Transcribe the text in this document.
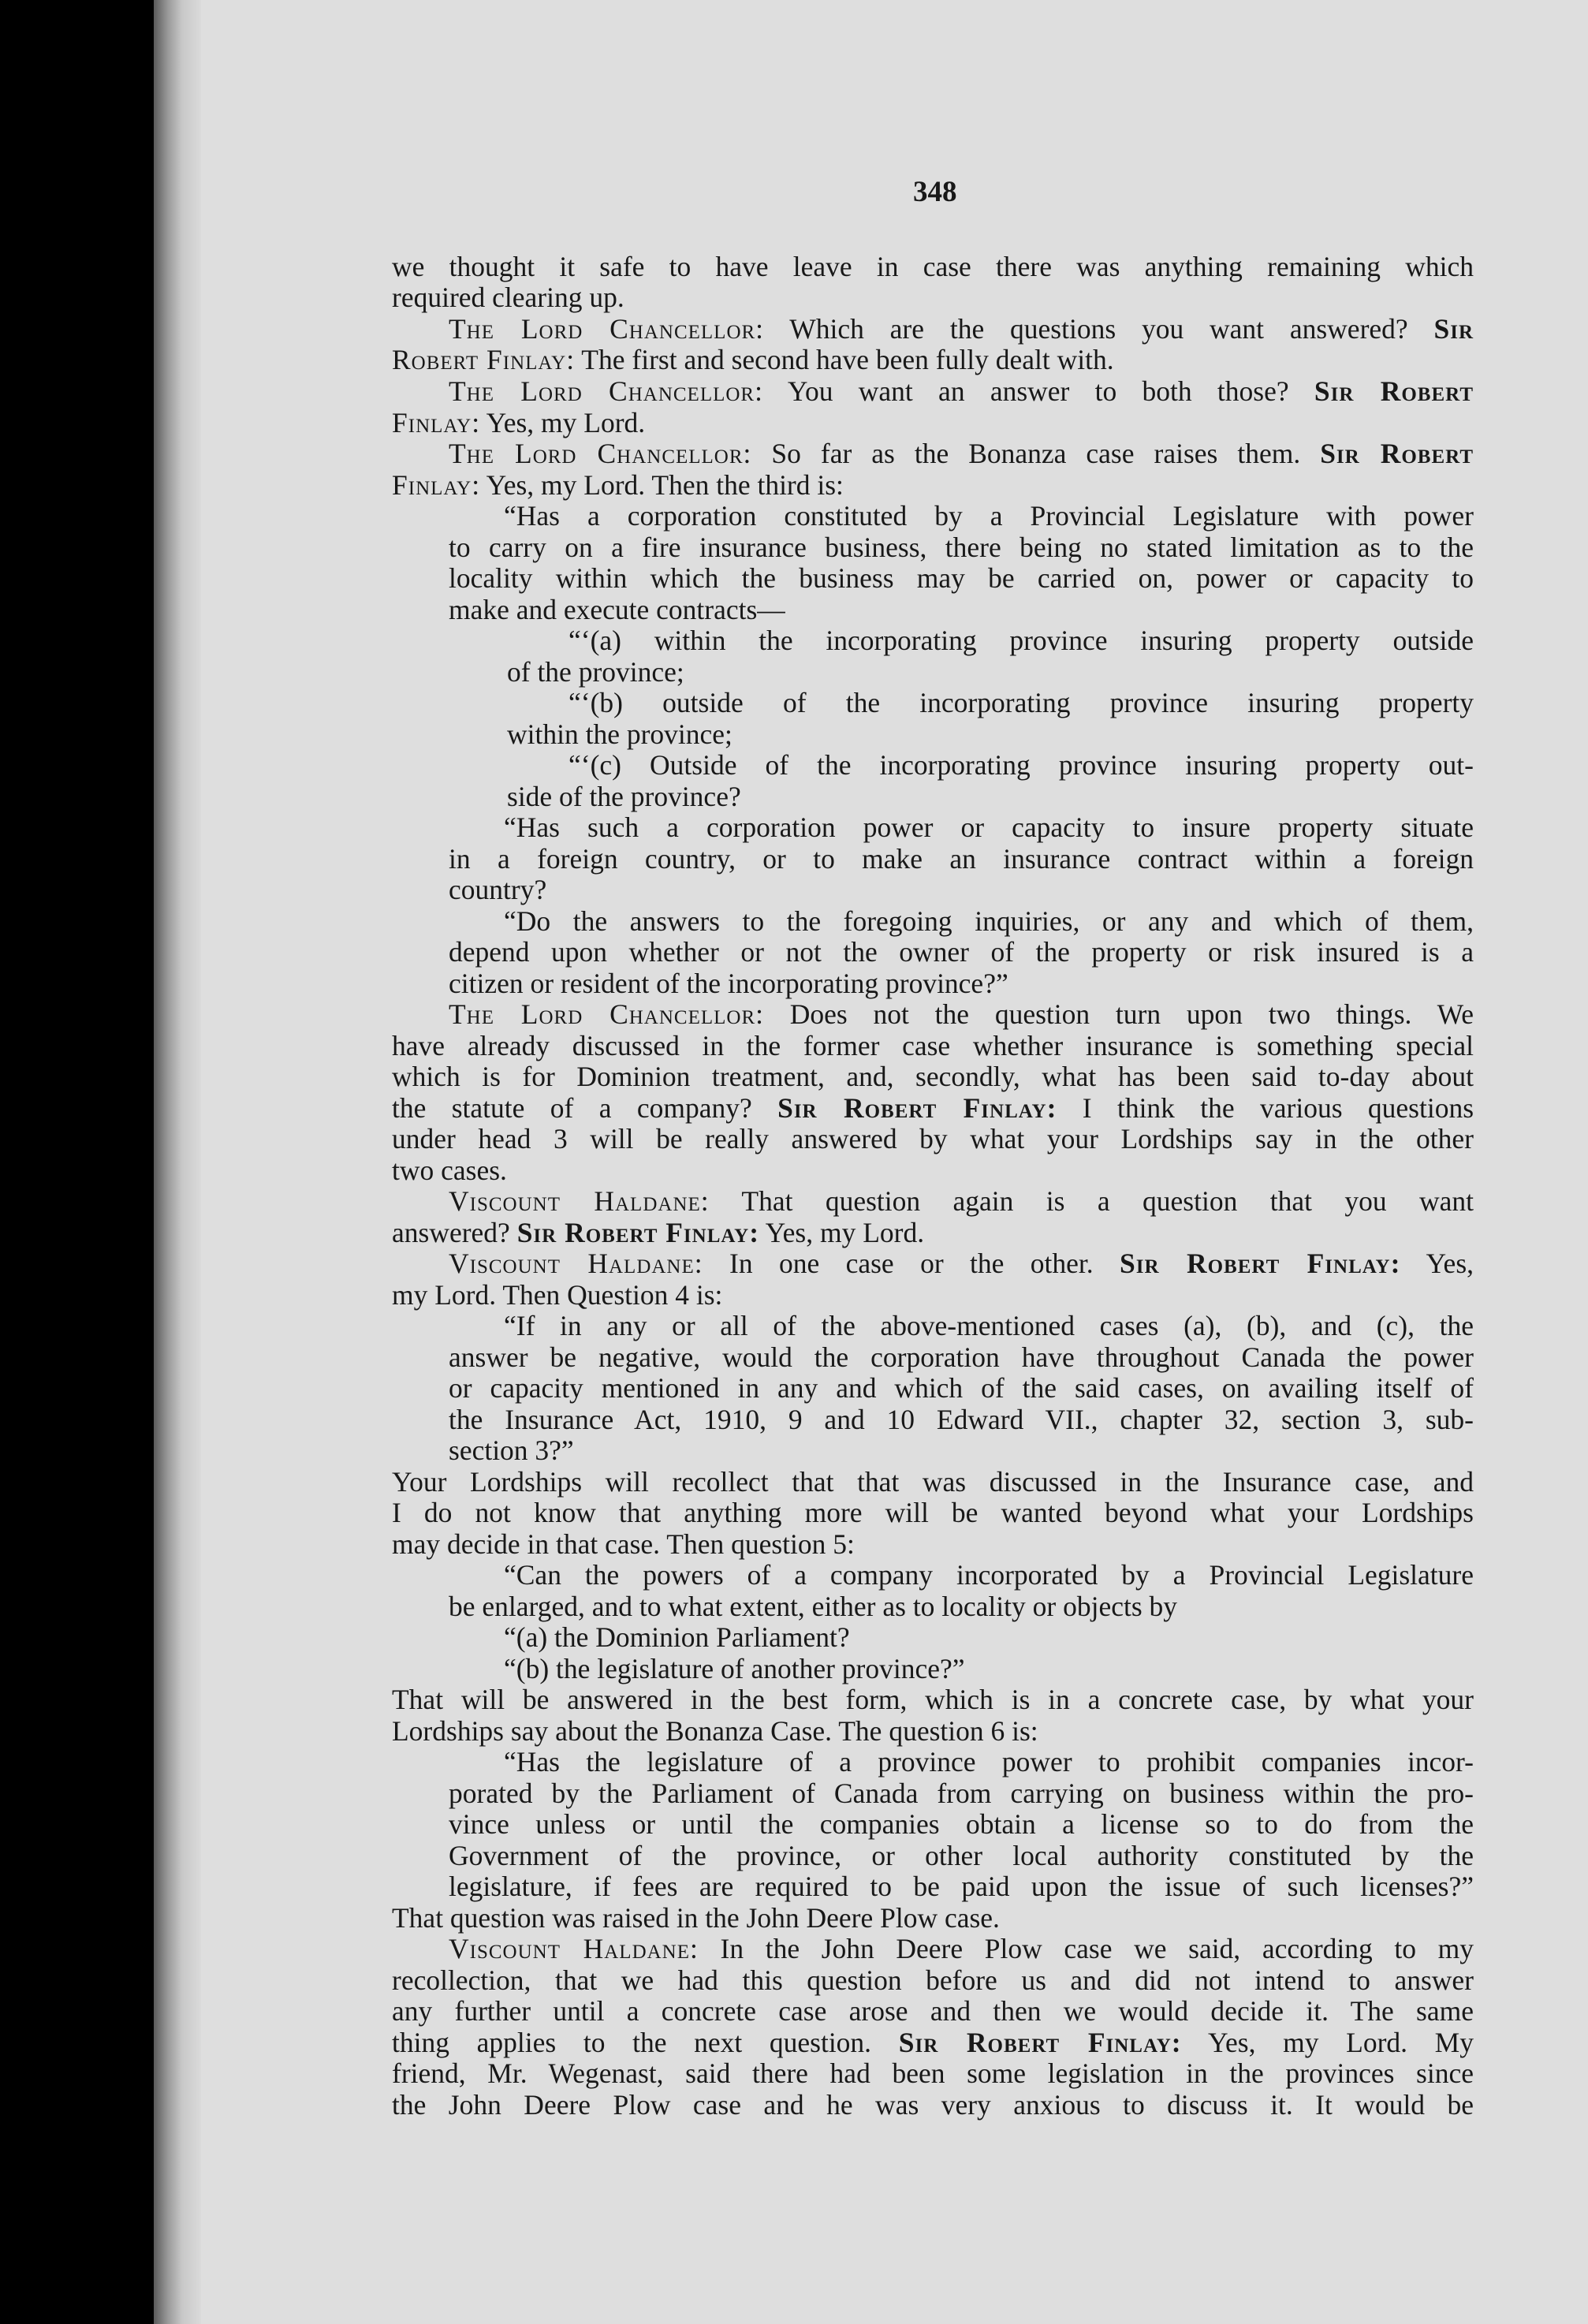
348
we thought it safe to have leave in case there was anything remaining which
required clearing up.
The Lord Chancellor: Which are the questions you want answered? Sir
Robert Finlay: The first and second have been fully dealt with.
The Lord Chancellor: You want an answer to both those? Sir Robert
Finlay: Yes, my Lord.
The Lord Chancellor: So far as the Bonanza case raises them. Sir Robert
Finlay: Yes, my Lord. Then the third is:
“Has a corporation constituted by a Provincial Legislature with power
to carry on a fire insurance business, there being no stated limitation as to the
locality within which the business may be carried on, power or capacity to
make and execute contracts—
“‘(a) within the incorporating province insuring property outside
of the province;
“‘(b) outside of the incorporating province insuring property
within the province;
“‘(c) Outside of the incorporating province insuring property out-
side of the province?
“Has such a corporation power or capacity to insure property situate
in a foreign country, or to make an insurance contract within a foreign
country?
“Do the answers to the foregoing inquiries, or any and which of them,
depend upon whether or not the owner of the property or risk insured is a
citizen or resident of the incorporating province?”
The Lord Chancellor: Does not the question turn upon two things. We
have already discussed in the former case whether insurance is something special
which is for Dominion treatment, and, secondly, what has been said to-day about
the statute of a company? Sir Robert Finlay: I think the various questions
under head 3 will be really answered by what your Lordships say in the other
two cases.
Viscount Haldane: That question again is a question that you want
answered? Sir Robert Finlay: Yes, my Lord.
Viscount Haldane: In one case or the other. Sir Robert Finlay: Yes,
my Lord. Then Question 4 is:
“If in any or all of the above-mentioned cases (a), (b), and (c), the
answer be negative, would the corporation have throughout Canada the power
or capacity mentioned in any and which of the said cases, on availing itself of
the Insurance Act, 1910, 9 and 10 Edward VII., chapter 32, section 3, sub-
section 3?”
Your Lordships will recollect that that was discussed in the Insurance case, and
I do not know that anything more will be wanted beyond what your Lordships
may decide in that case. Then question 5:
“Can the powers of a company incorporated by a Provincial Legislature
be enlarged, and to what extent, either as to locality or objects by
“(a) the Dominion Parliament?
“(b) the legislature of another province?”
That will be answered in the best form, which is in a concrete case, by what your
Lordships say about the Bonanza Case. The question 6 is:
“Has the legislature of a province power to prohibit companies incor-
porated by the Parliament of Canada from carrying on business within the pro-
vince unless or until the companies obtain a license so to do from the
Government of the province, or other local authority constituted by the
legislature, if fees are required to be paid upon the issue of such licenses?”
That question was raised in the John Deere Plow case.
Viscount Haldane: In the John Deere Plow case we said, according to my
recollection, that we had this question before us and did not intend to answer
any further until a concrete case arose and then we would decide it. The same
thing applies to the next question. Sir Robert Finlay: Yes, my Lord. My
friend, Mr. Wegenast, said there had been some legislation in the provinces since
the John Deere Plow case and he was very anxious to discuss it. It would be
